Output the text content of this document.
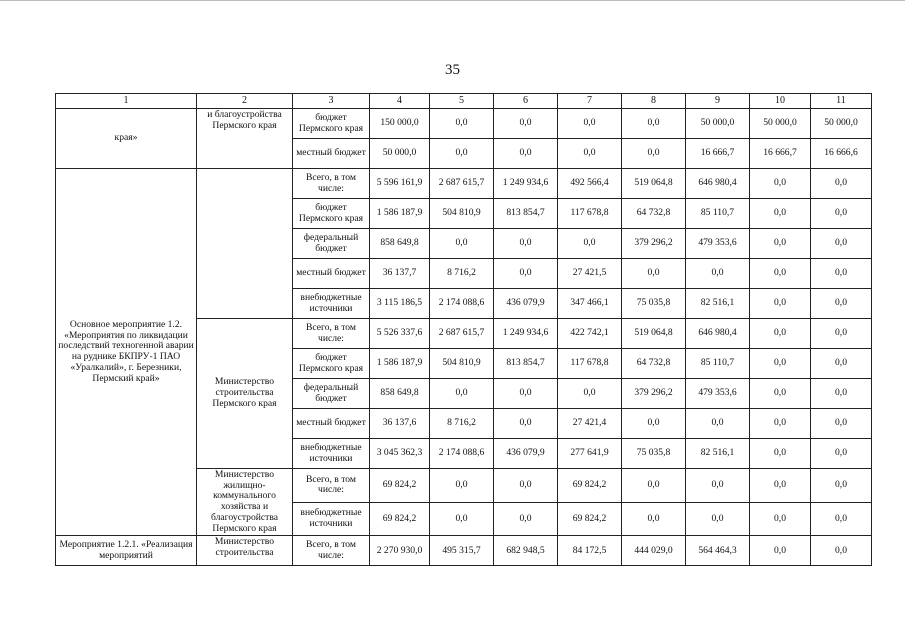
35
1	2	3	4	5	6	7	8	9	10	11
края»	и благоустройства Пермского края	бюджет Пермского края	150 000,0	0,0	0,0	0,0	0,0	50 000,0	50 000,0	50 000,0
		местный бюджет	50 000,0	0,0	0,0	0,0	0,0	16 666,7	16 666,7	16 666,6
Основное мероприятие 1.2. «Мероприятия по ликвидации последствий техногенной аварии на руднике БКПРУ-1 ПАО «Уралкалий», г. Березники, Пермский край»		Всего, в том числе:	5 596 161,9	2 687 615,7	1 249 934,6	492 566,4	519 064,8	646 980,4	0,0	0,0
		бюджет Пермского края	1 586 187,9	504 810,9	813 854,7	117 678,8	64 732,8	85 110,7	0,0	0,0
		федеральный бюджет	858 649,8	0,0	0,0	0,0	379 296,2	479 353,6	0,0	0,0
		местный бюджет	36 137,7	8 716,2	0,0	27 421,5	0,0	0,0	0,0	0,0
		внебюджетные источники	3 115 186,5	2 174 088,6	436 079,9	347 466,1	75 035,8	82 516,1	0,0	0,0
	Министерство строительства Пермского края	Всего, в том числе:	5 526 337,6	2 687 615,7	1 249 934,6	422 742,1	519 064,8	646 980,4	0,0	0,0
		бюджет Пермского края	1 586 187,9	504 810,9	813 854,7	117 678,8	64 732,8	85 110,7	0,0	0,0
		федеральный бюджет	858 649,8	0,0	0,0	0,0	379 296,2	479 353,6	0,0	0,0
		местный бюджет	36 137,6	8 716,2	0,0	27 421,4	0,0	0,0	0,0	0,0
		внебюджетные источники	3 045 362,3	2 174 088,6	436 079,9	277 641,9	75 035,8	82 516,1	0,0	0,0
	Министерство жилищно-коммунального хозяйства и благоустройства Пермского края	Всего, в том числе:	69 824,2	0,0	0,0	69 824,2	0,0	0,0	0,0	0,0
		внебюджетные источники	69 824,2	0,0	0,0	69 824,2	0,0	0,0	0,0	0,0
Мероприятие 1.2.1. «Реализация мероприятий	Министерство строительства	Всего, в том числе:	2 270 930,0	495 315,7	682 948,5	84 172,5	444 029,0	564 464,3	0,0	0,0
